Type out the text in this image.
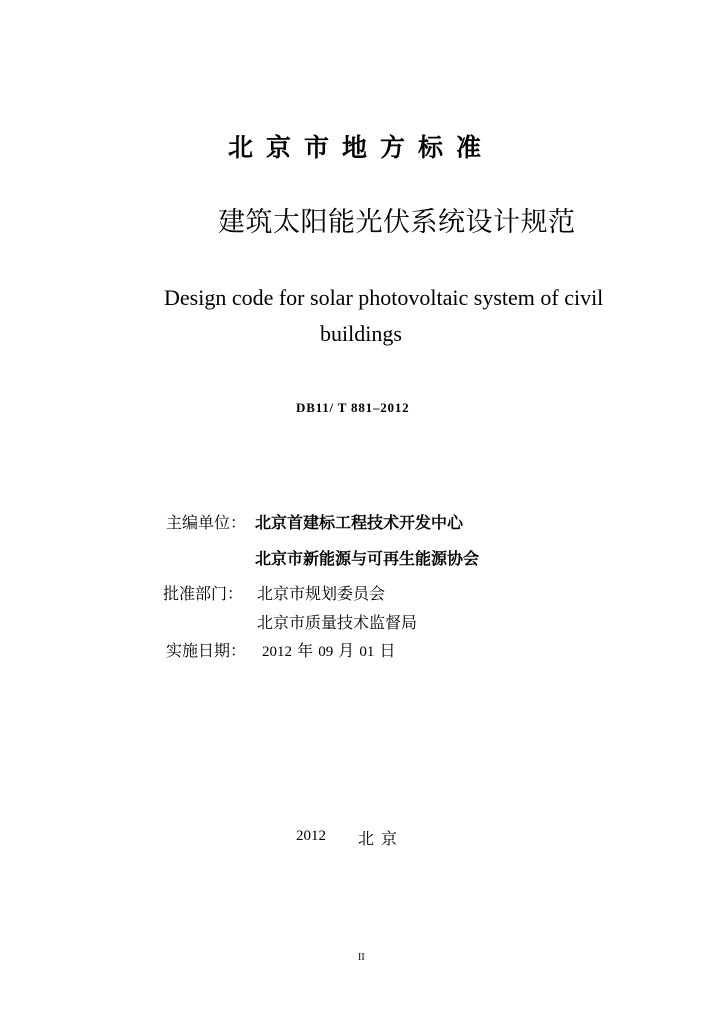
北京市地方标准
建筑太阳能光伏系统设计规范
Design code for solar photovoltaic system of civil
buildings
DB11/ T 881–2012
主编单位： 北京首建标工程技术开发中心
北京市新能源与可再生能源协会
批准部门： 北京市规划委员会
北京市质量技术监督局
实施日期： 2012 年 09 月 01 日
2012 北京
II
